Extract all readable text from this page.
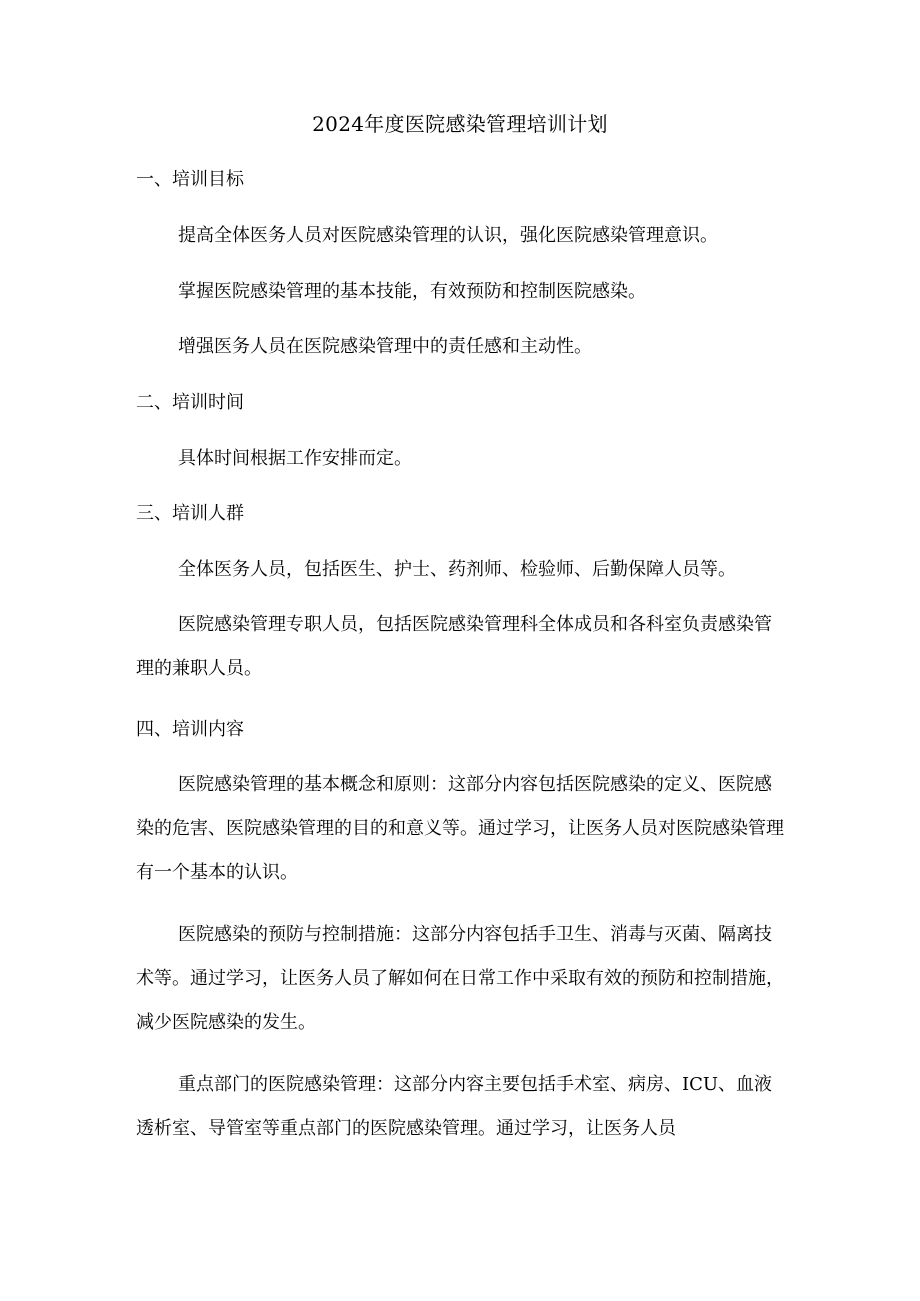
2024年度医院感染管理培训计划
一、培训目标

提高全体医务人员对医院感染管理的认识，强化医院感染管理意识。

掌握医院感染管理的基本技能，有效预防和控制医院感染。

增强医务人员在医院感染管理中的责任感和主动性。

二、培训时间

具体时间根据工作安排而定。

三、培训人群

全体医务人员，包括医生、护士、药剂师、检验师、后勤保障人员等。

医院感染管理专职人员，包括医院感染管理科全体成员和各科室负责感染管理的兼职人员。

四、培训内容

医院感染管理的基本概念和原则：这部分内容包括医院感染的定义、医院感染的危害、医院感染管理的目的和意义等。通过学习，让医务人员对医院感染管理有一个基本的认识。

医院感染的预防与控制措施：这部分内容包括手卫生、消毒与灭菌、隔离技术等。通过学习，让医务人员了解如何在日常工作中采取有效的预防和控制措施，减少医院感染的发生。

重点部门的医院感染管理：这部分内容主要包括手术室、病房、ICU、血液透析室、导管室等重点部门的医院感染管理。通过学习，让医务人员
